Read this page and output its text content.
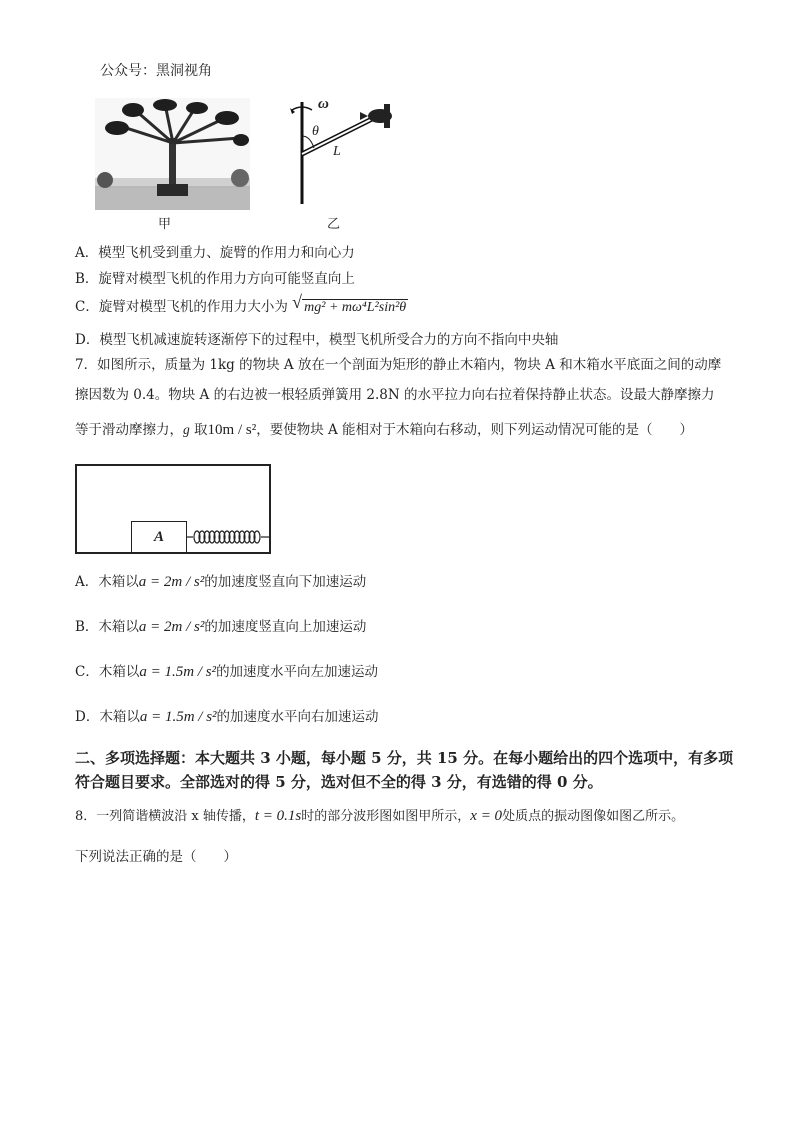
公众号：黑洞视角
ω
θ
L
甲	乙
A．模型飞机受到重力、旋臂的作用力和向心力
B．旋臂对模型飞机的作用力方向可能竖直向上
C．旋臂对模型飞机的作用力大小为 √ mg² + mω⁴L²sin²θ
D．模型飞机减速旋转逐渐停下的过程中，模型飞机所受合力的方向不指向中央轴
7．如图所示，质量为 1kg 的物块 A 放在一个剖面为矩形的静止木箱内，物块 A 和木箱水平底面之间的动摩
擦因数为 0.4。物块 A 的右边被一根轻质弹簧用 2.8N 的水平拉力向右拉着保持静止状态。设最大静摩擦力
等于滑动摩擦力，g 取10m / s²，要使物块 A 能相对于木箱向右移动，则下列运动情况可能的是（　　）
A
A．木箱以a = 2m / s²的加速度竖直向下加速运动
B．木箱以a = 2m / s²的加速度竖直向上加速运动
C．木箱以a = 1.5m / s²的加速度水平向左加速运动
D．木箱以a = 1.5m / s²的加速度水平向右加速运动
二、多项选择题：本大题共 3 小题，每小题 5 分，共 15 分。在每小题给出的四个选项中，有多项符合题目要求。全部选对的得 5 分，选对但不全的得 3 分，有选错的得 0 分。
8．一列简谐横波沿 x 轴传播，t = 0.1s时的部分波形图如图甲所示，x = 0处质点的振动图像如图乙所示。
下列说法正确的是（　　）
